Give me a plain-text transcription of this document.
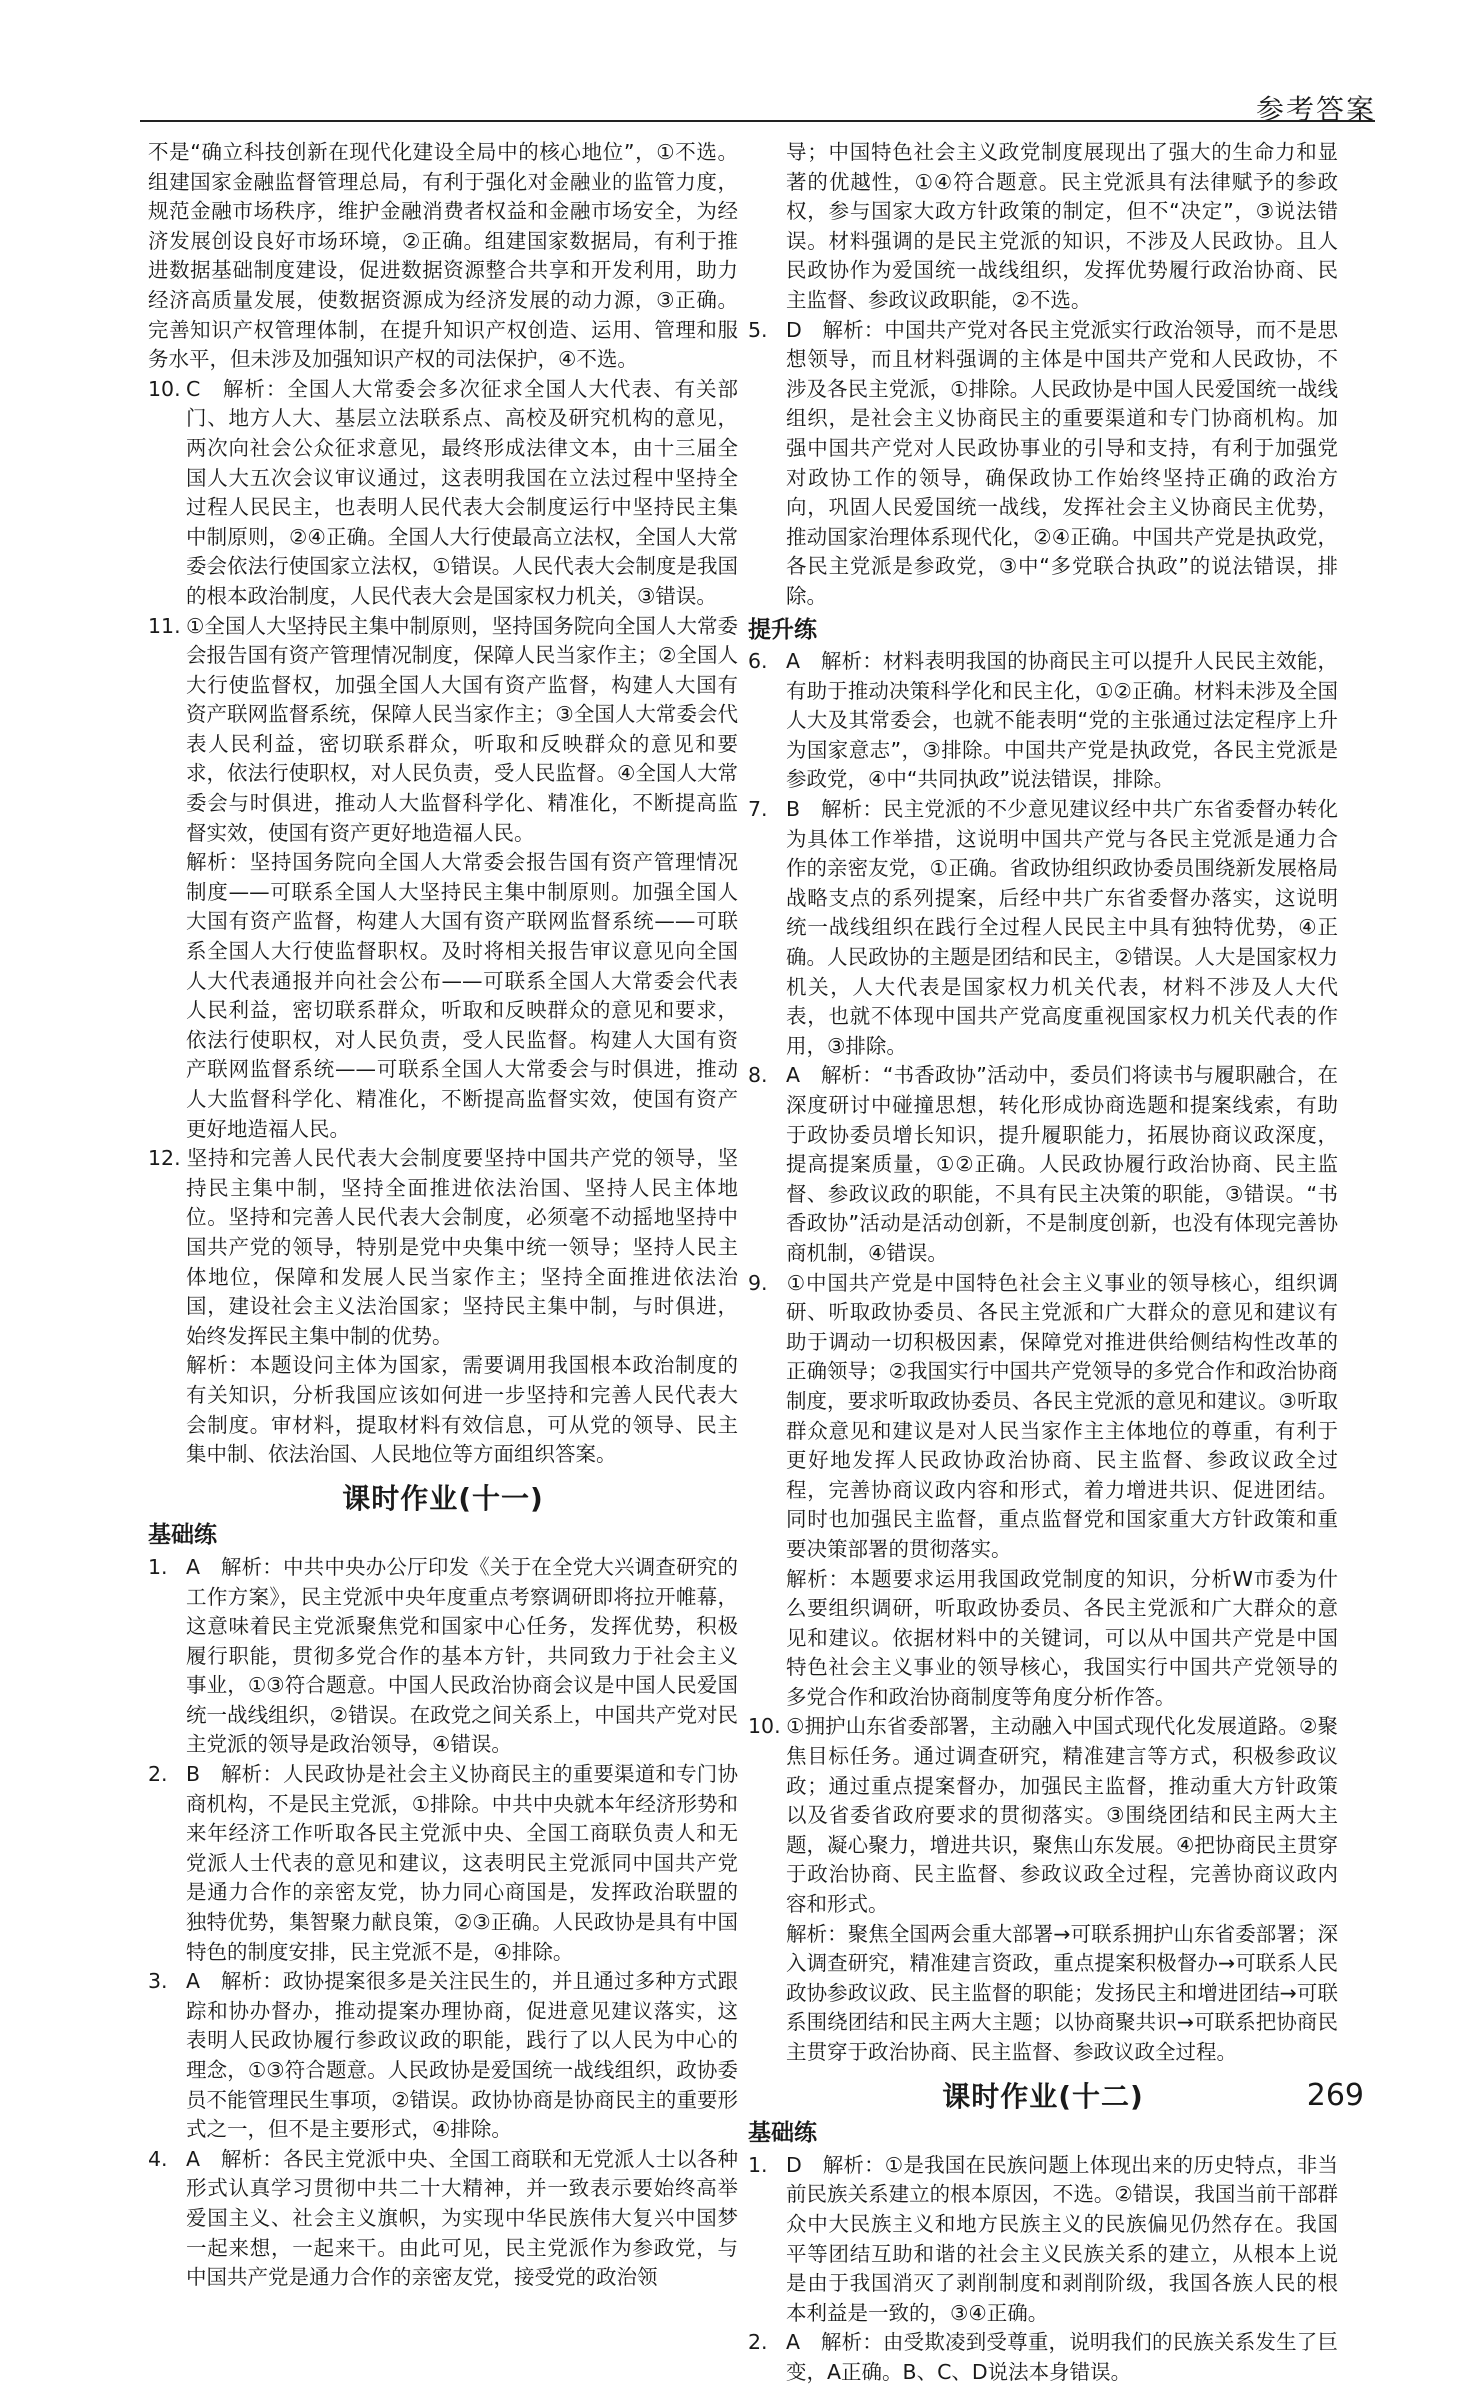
参考答案

不是“确立科技创新在现代化建设全局中的核心地位”，①不选。组建国家金融监督管理总局，有利于强化对金融业的监管力度，规范金融市场秩序，维护金融消费者权益和金融市场安全，为经济发展创设良好市场环境，②正确。组建国家数据局，有利于推进数据基础制度建设，促进数据资源整合共享和开发利用，助力经济高质量发展，使数据资源成为经济发展的动力源，③正确。完善知识产权管理体制，在提升知识产权创造、运用、管理和服务水平，但未涉及加强知识产权的司法保护，④不选。

10. C　解析：全国人大常委会多次征求全国人大代表、有关部门、地方人大、基层立法联系点、高校及研究机构的意见，两次向社会公众征求意见，最终形成法律文本，由十三届全国人大五次会议审议通过，这表明我国在立法过程中坚持全过程人民民主，也表明人民代表大会制度运行中坚持民主集中制原则，②④正确。全国人大行使最高立法权，全国人大常委会依法行使国家立法权，①错误。人民代表大会制度是我国的根本政治制度，人民代表大会是国家权力机关，③错误。

11. ①全国人大坚持民主集中制原则，坚持国务院向全国人大常委会报告国有资产管理情况制度，保障人民当家作主；②全国人大行使监督权，加强全国人大国有资产监督，构建人大国有资产联网监督系统，保障人民当家作主；③全国人大常委会代表人民利益，密切联系群众，听取和反映群众的意见和要求，依法行使职权，对人民负责，受人民监督。④全国人大常委会与时俱进，推动人大监督科学化、精准化，不断提高监督实效，使国有资产更好地造福人民。

解析：坚持国务院向全国人大常委会报告国有资产管理情况制度——可联系全国人大坚持民主集中制原则。加强全国人大国有资产监督，构建人大国有资产联网监督系统——可联系全国人大行使监督职权。及时将相关报告审议意见向全国人大代表通报并向社会公布——可联系全国人大常委会代表人民利益，密切联系群众，听取和反映群众的意见和要求，依法行使职权，对人民负责，受人民监督。构建人大国有资产联网监督系统——可联系全国人大常委会与时俱进，推动人大监督科学化、精准化，不断提高监督实效，使国有资产更好地造福人民。

12. 坚持和完善人民代表大会制度要坚持中国共产党的领导，坚持民主集中制，坚持全面推进依法治国、坚持人民主体地位。坚持和完善人民代表大会制度，必须毫不动摇地坚持中国共产党的领导，特别是党中央集中统一领导；坚持人民主体地位，保障和发展人民当家作主；坚持全面推进依法治国，建设社会主义法治国家；坚持民主集中制，与时俱进，始终发挥民主集中制的优势。

解析：本题设问主体为国家，需要调用我国根本政治制度的有关知识，分析我国应该如何进一步坚持和完善人民代表大会制度。审材料，提取材料有效信息，可从党的领导、民主集中制、依法治国、人民地位等方面组织答案。

课时作业(十一)
基础练

1. A　解析：中共中央办公厅印发《关于在全党大兴调查研究的工作方案》，民主党派中央年度重点考察调研即将拉开帷幕，这意味着民主党派聚焦党和国家中心任务，发挥优势，积极履行职能，贯彻多党合作的基本方针，共同致力于社会主义事业，①③符合题意。中国人民政治协商会议是中国人民爱国统一战线组织，②错误。在政党之间关系上，中国共产党对民主党派的领导是政治领导，④错误。

2. B　解析：人民政协是社会主义协商民主的重要渠道和专门协商机构，不是民主党派，①排除。中共中央就本年经济形势和来年经济工作听取各民主党派中央、全国工商联负责人和无党派人士代表的意见和建议，这表明民主党派同中国共产党是通力合作的亲密友党，协力同心商国是，发挥政治联盟的独特优势，集智聚力献良策，②③正确。人民政协是具有中国特色的制度安排，民主党派不是，④排除。

3. A　解析：政协提案很多是关注民生的，并且通过多种方式跟踪和协办督办，推动提案办理协商，促进意见建议落实，这表明人民政协履行参政议政的职能，践行了以人民为中心的理念，①③符合题意。人民政协是爱国统一战线组织，政协委员不能管理民生事项，②错误。政协协商是协商民主的重要形式之一，但不是主要形式，④排除。

4. A　解析：各民主党派中央、全国工商联和无党派人士以各种形式认真学习贯彻中共二十大精神，并一致表示要始终高举爱国主义、社会主义旗帜，为实现中华民族伟大复兴中国梦一起来想，一起来干。由此可见，民主党派作为参政党，与中国共产党是通力合作的亲密友党，接受党的政治领

导；中国特色社会主义政党制度展现出了强大的生命力和显著的优越性，①④符合题意。民主党派具有法律赋予的参政权，参与国家大政方针政策的制定，但不“决定”，③说法错误。材料强调的是民主党派的知识，不涉及人民政协。且人民政协作为爱国统一战线组织，发挥优势履行政治协商、民主监督、参政议政职能，②不选。

5. D　解析：中国共产党对各民主党派实行政治领导，而不是思想领导，而且材料强调的主体是中国共产党和人民政协，不涉及各民主党派，①排除。人民政协是中国人民爱国统一战线组织，是社会主义协商民主的重要渠道和专门协商机构。加强中国共产党对人民政协事业的引导和支持，有利于加强党对政协工作的领导，确保政协工作始终坚持正确的政治方向，巩固人民爱国统一战线，发挥社会主义协商民主优势，推动国家治理体系现代化，②④正确。中国共产党是执政党，各民主党派是参政党，③中“多党联合执政”的说法错误，排除。

提升练

6. A　解析：材料表明我国的协商民主可以提升人民民主效能，有助于推动决策科学化和民主化，①②正确。材料未涉及全国人大及其常委会，也就不能表明“党的主张通过法定程序上升为国家意志”，③排除。中国共产党是执政党，各民主党派是参政党，④中“共同执政”说法错误，排除。

7. B　解析：民主党派的不少意见建议经中共广东省委督办转化为具体工作举措，这说明中国共产党与各民主党派是通力合作的亲密友党，①正确。省政协组织政协委员围绕新发展格局战略支点的系列提案，后经中共广东省委督办落实，这说明统一战线组织在践行全过程人民民主中具有独特优势，④正确。人民政协的主题是团结和民主，②错误。人大是国家权力机关，人大代表是国家权力机关代表，材料不涉及人大代表，也就不体现中国共产党高度重视国家权力机关代表的作用，③排除。

8. A　解析：“书香政协”活动中，委员们将读书与履职融合，在深度研讨中碰撞思想，转化形成协商选题和提案线索，有助于政协委员增长知识，提升履职能力，拓展协商议政深度，提高提案质量，①②正确。人民政协履行政治协商、民主监督、参政议政的职能，不具有民主决策的职能，③错误。“书香政协”活动是活动创新，不是制度创新，也没有体现完善协商机制，④错误。

9. ①中国共产党是中国特色社会主义事业的领导核心，组织调研、听取政协委员、各民主党派和广大群众的意见和建议有助于调动一切积极因素，保障党对推进供给侧结构性改革的正确领导；②我国实行中国共产党领导的多党合作和政治协商制度，要求听取政协委员、各民主党派的意见和建议。③听取群众意见和建议是对人民当家作主主体地位的尊重，有利于更好地发挥人民政协政治协商、民主监督、参政议政全过程，完善协商议政内容和形式，着力增进共识、促进团结。同时也加强民主监督，重点监督党和国家重大方针政策和重要决策部署的贯彻落实。

解析：本题要求运用我国政党制度的知识，分析W市委为什么要组织调研，听取政协委员、各民主党派和广大群众的意见和建议。依据材料中的关键词，可以从中国共产党是中国特色社会主义事业的领导核心，我国实行中国共产党领导的多党合作和政治协商制度等角度分析作答。

10. ①拥护山东省委部署，主动融入中国式现代化发展道路。②聚焦目标任务。通过调查研究，精准建言等方式，积极参政议政；通过重点提案督办，加强民主监督，推动重大方针政策以及省委省政府要求的贯彻落实。③围绕团结和民主两大主题，凝心聚力，增进共识，聚焦山东发展。④把协商民主贯穿于政治协商、民主监督、参政议政全过程，完善协商议政内容和形式。

解析：聚焦全国两会重大部署→可联系拥护山东省委部署；深入调查研究，精准建言资政，重点提案积极督办→可联系人民政协参政议政、民主监督的职能；发扬民主和增进团结→可联系围绕团结和民主两大主题；以协商聚共识→可联系把协商民主贯穿于政治协商、民主监督、参政议政全过程。

课时作业(十二)
基础练

1. D　解析：①是我国在民族问题上体现出来的历史特点，非当前民族关系建立的根本原因，不选。②错误，我国当前干部群众中大民族主义和地方民族主义的民族偏见仍然存在。我国平等团结互助和谐的社会主义民族关系的建立，从根本上说是由于我国消灭了剥削制度和剥削阶级，我国各族人民的根本利益是一致的，③④正确。

2. A　解析：由受欺凌到受尊重，说明我们的民族关系发生了巨变，A正确。B、C、D说法本身错误。

269
